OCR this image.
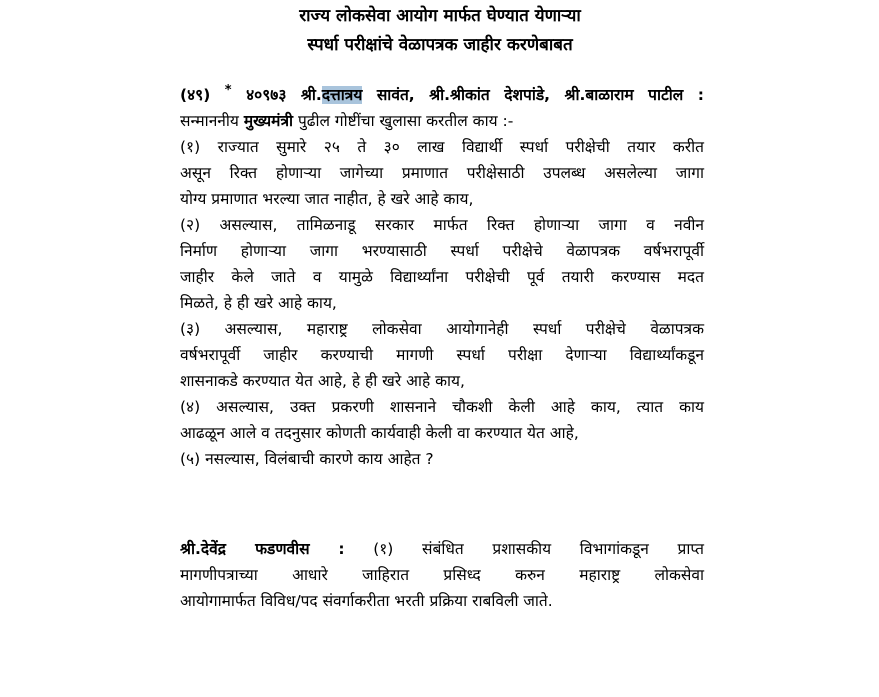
राज्य लोकसेवा आयोग मार्फत घेण्यात येणाऱ्या
स्पर्धा परीक्षांचे वेळापत्रक जाहीर करणेबाबत
(४९) * ४०९७३ श्री.दत्तात्रय सावंत, श्री.श्रीकांत देशपांडे, श्री.बाळाराम पाटील :
सन्माननीय मुख्यमंत्री पुढील गोष्टींचा खुलासा करतील काय :-
(१) राज्यात सुमारे २५ ते ३० लाख विद्यार्थी स्पर्धा परीक्षेची तयार करीत
असून रिक्त होणाऱ्या जागेच्या प्रमाणात परीक्षेसाठी उपलब्ध असलेल्या जागा
योग्य प्रमाणात भरल्या जात नाहीत, हे खरे आहे काय,
(२) असल्यास, तामिळनाडू सरकार मार्फत रिक्त होणाऱ्या जागा व नवीन
निर्माण होणाऱ्या जागा भरण्यासाठी स्पर्धा परीक्षेचे वेळापत्रक वर्षभरापूर्वी
जाहीर केले जाते व यामुळे विद्यार्थ्यांना परीक्षेची पूर्व तयारी करण्यास मदत
मिळते, हे ही खरे आहे काय,
(३) असल्यास, महाराष्ट्र लोकसेवा आयोगानेही स्पर्धा परीक्षेचे वेळापत्रक
वर्षभरापूर्वी जाहीर करण्याची मागणी स्पर्धा परीक्षा देणाऱ्या विद्यार्थ्यांकडून
शासनाकडे करण्यात येत आहे, हे ही खरे आहे काय,
(४) असल्यास, उक्त प्रकरणी शासनाने चौकशी केली आहे काय, त्यात काय
आढळून आले व तदनुसार कोणती कार्यवाही केली वा करण्यात येत आहे,
(५) नसल्यास, विलंबाची कारणे काय आहेत ?
श्री.देवेंद्र फडणवीस : (१) संबंधित प्रशासकीय विभागांकडून प्राप्त
मागणीपत्राच्या आधारे जाहिरात प्रसिध्द करुन महाराष्ट्र लोकसेवा
आयोगामार्फत विविध/पद संवर्गाकरीता भरती प्रक्रिया राबविली जाते.
